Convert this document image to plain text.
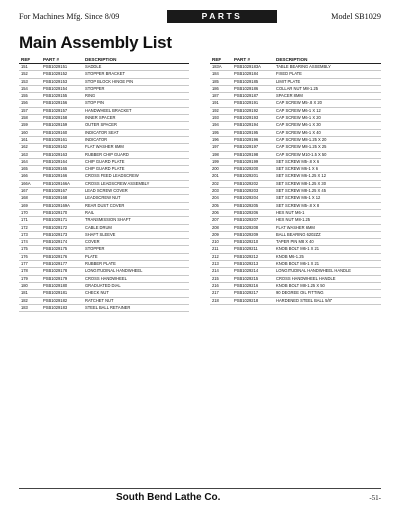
For Machines Mfg. Since 8/09	PARTS	Model SB1029
Main Assembly List
REF	PART #	DESCRIPTION
151	PSB1029151	SADDLE
152	PSB1029152	STOPPER BRACKET
153	PSB1029153	STOP BLOCK HINGE PIN
154	PSB1029154	STOPPER
155	PSB1029155	RING
156	PSB1029156	STOP PIN
157	PSB1029157	HANDWHEEL BRACKET
158	PSB1029158	INNER SPACER
159	PSB1029159	OUTER SPACER
160	PSB1029160	INDICATOR SEAT
161	PSB1029161	INDICATOR
162	PSB1029162	FLAT WASHER 6MM
163	PSB1029163	RUBBER CHIP GUARD
164	PSB1029164	CHIP GUARD PLATE
165	PSB1029165	CHIP GUARD PLATE
166	PSB1029166	CROSS FEED LEADSCREW
166A	PSB1029166A	CROSS LEADSCREW ASSEMBLY
167	PSB1029167	LEAD SCREW COVER
168	PSB1029168	LEADSCREW NUT
169	PSB1029169A	REAR DUST COVER
170	PSB1029170	RAIL
171	PSB1029171	TRANSMISSION SHAFT
172	PSB1029172	CABLE DRUM
173	PSB1029173	SHAFT SLEEVE
174	PSB1029174	COVER
175	PSB1029175	STOPPER
176	PSB1029176	PLATE
177	PSB1029177	RUBBER PLATE
178	PSB1029178	LONGITUDINAL HANDWHEEL
179	PSB1029179	CROSS HANDWHEEL
180	PSB1029180	GRADUATED DIAL
181	PSB1029181	CHECK NUT
182	PSB1029182	RATCHET NUT
183	PSB1029183	STEEL BALL RETAINER
REF	PART #	DESCRIPTION
183A	PSB1029183A	TABLE BEARING ASSEMBLY
184	PSB1029184	FIXED PLATE
185	PSB1029185	LIMIT PLATE
186	PSB1029186	COLLAR NUT M8-1.25
187	PSB1029187	SPACER 8MM
191	PSB1029191	CAP SCREW M5-.8 X 20
192	PSB1029192	CAP SCREW M6-1 X 12
193	PSB1029193	CAP SCREW M6-1 X 20
194	PSB1029194	CAP SCREW M6-1 X 30
195	PSB1029195	CAP SCREW M6-1 X 40
196	PSB1029196	CAP SCREW M8-1.25 X 20
197	PSB1029197	CAP SCREW M8-1.25 X 25
198	PSB1029198	CAP SCREW M10-1.5 X 50
199	PSB1029199	SET SCREW M5-.8 X 6
200	PSB1029200	SET SCREW M6-1 X 6
201	PSB1029201	SET SCREW M6-1.25 X 12
202	PSB1029202	SET SCREW M8-1.25 X 30
203	PSB1029203	SET SCREW M8-1.25 X 45
204	PSB1029204	SET SCREW M6-1 X 12
205	PSB1029205	SET SCREW M5-.8 X 8
206	PSB1029206	HEX NUT M6-1
207	PSB1029207	HEX NUT M8-1.25
208	PSB1029208	FLAT WASHER 6MM
209	PSB1029209	BALL BEARING 6202ZZ
210	PSB1029210	TAPER PIN M8 X 40
211	PSB1029211	KNOB BOLT M6-1 X 21
212	PSB1029212	KNOB M6-1.25
213	PSB1029213	KNOB BOLT M6-1 X 21
214	PSB1029214	LONGITUDINAL HANDWHEEL HANDLE
215	PSB1029215	CROSS HANDWHEEL HANDLE
216	PSB1029216	KNOB BOLT M8-1.25 X 50
217	PSB1029217	90 DEGREE OIL FITTING
218	PSB1029218	HARDENED STEEL BALL 5/8"
South Bend Lathe Co.	-51-
